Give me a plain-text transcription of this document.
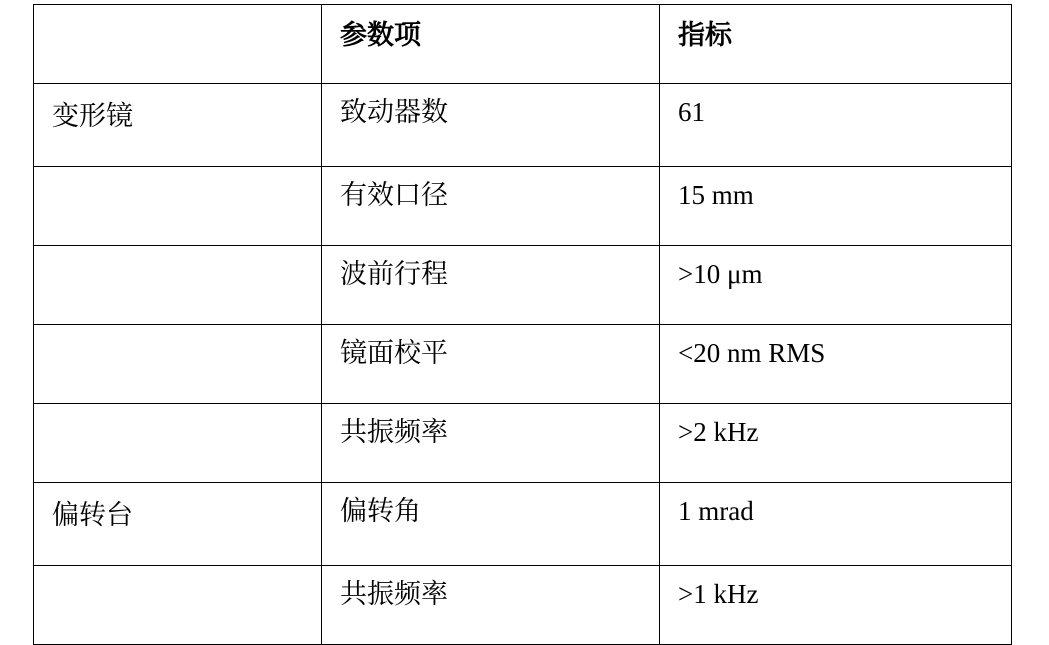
	参数项	指标

变形镜	致动器数	61

	有效口径	15 mm

	波前行程	>10 μm

	镜面校平	<20 nm RMS

	共振频率	>2 kHz

偏转台	偏转角	1 mrad

	共振频率	>1 kHz
